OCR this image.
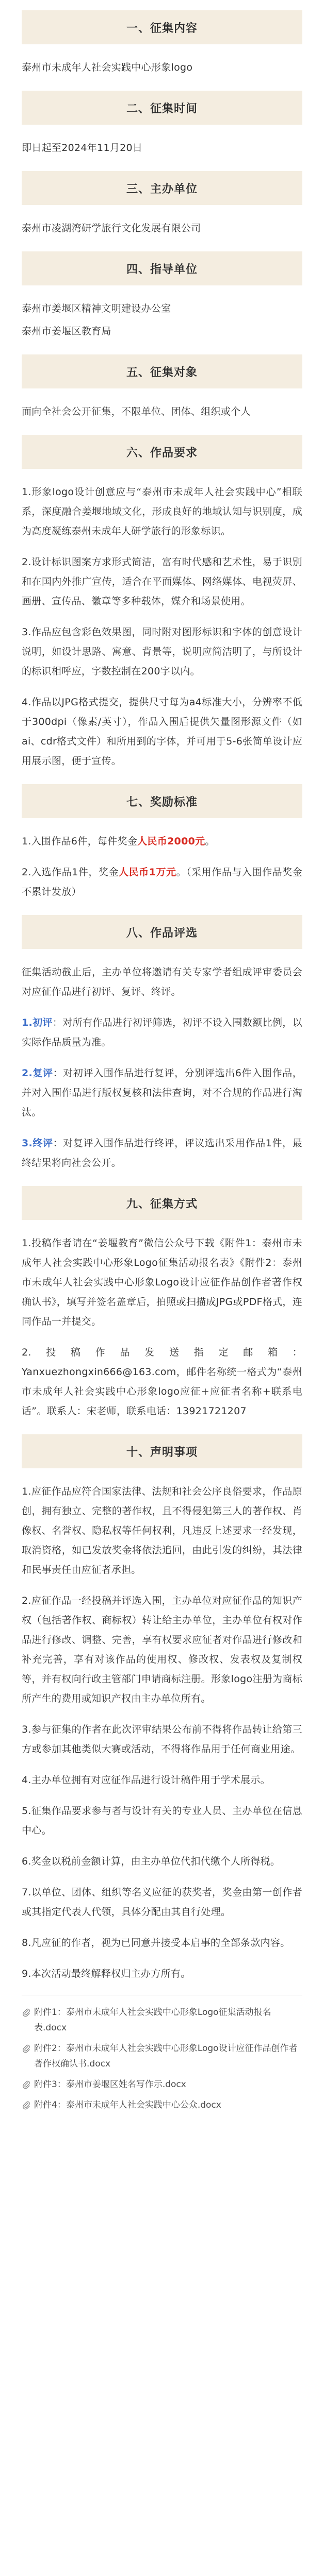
一、征集内容

泰州市未成年人社会实践中心形象logo

二、征集时间

即日起至2024年11月20日

三、主办单位

泰州市凌湖湾研学旅行文化发展有限公司

四、指导单位

泰州市姜堰区精神文明建设办公室

泰州市姜堰区教育局

五、征集对象

面向全社会公开征集，不限单位、团体、组织或个人

六、作品要求

1.形象logo设计创意应与“泰州市未成年人社会实践中心”相联系，深度融合姜堰地域文化，形成良好的地域认知与识别度，成为高度凝练泰州未成年人研学旅行的形象标识。

2.设计标识图案方求形式简洁，富有时代感和艺术性，易于识别和在国内外推广宣传，适合在平面媒体、网络媒体、电视荧屏、画册、宣传品、徽章等多种载体，媒介和场景使用。

3.作品应包含彩色效果图，同时附对图形标识和字体的创意设计说明，如设计思路、寓意、背景等，说明应简洁明了，与所设计的标识相呼应，字数控制在200字以内。

4.作品以JPG格式提交，提供尺寸每为a4标准大小，分辨率不低于300dpi（像素/英寸），作品入围后提供矢量图形源文件（如ai、cdr格式文件）和所用到的字体，并可用于5-6张简单设计应用展示图，便于宣传。

七、奖励标准

1.入围作品6件，每件奖金人民币2000元。

2.入选作品1件，奖金人民币1万元。（采用作品与入围作品奖金不累计发放）

八、作品评选

征集活动截止后，主办单位将邀请有关专家学者组成评审委员会对应征作品进行初评、复评、终评。

1.初评：对所有作品进行初评筛选，初评不设入围数额比例，以实际作品质量为准。

2.复评：对初评入围作品进行复评，分别评选出6件入围作品，并对入围作品进行版权复核和法律查询，对不合规的作品进行淘汰。

3.终评：对复评入围作品进行终评，评议选出采用作品1件，最终结果将向社会公开。

九、征集方式

1.投稿作者请在“姜堰教育”微信公众号下载《附件1：泰州市未成年人社会实践中心形象Logo征集活动报名表》《附件2：泰州市未成年人社会实践中心形象Logo设计应征作品创作者著作权确认书》，填写并签名盖章后，拍照或扫描成JPG或PDF格式，连同作品一并提交。

2.投稿作品发送指定邮箱：Yanxuezhongxin666@163.com，邮件名称统一格式为“泰州市未成年人社会实践中心形象logo应征+应征者名称+联系电话”。联系人：宋老师，联系电话：13921721207

十、声明事项

1.应征作品应符合国家法律、法规和社会公序良俗要求，作品原创，拥有独立、完整的著作权，且不得侵犯第三人的著作权、肖像权、名誉权、隐私权等任何权利，凡违反上述要求一经发现，取消资格，如已发放奖金将依法追回，由此引发的纠纷，其法律和民事责任由应征者承担。

2.应征作品一经投稿并评选入围，主办单位对应征作品的知识产权（包括著作权、商标权）转让给主办单位，主办单位有权对作品进行修改、调整、完善，享有权要求应征者对作品进行修改和补充完善，享有对该作品的使用权、修改权、发表权及复制权等，并有权向行政主管部门申请商标注册。形象logo注册为商标所产生的费用或知识产权由主办单位所有。

3.参与征集的作者在此次评审结果公布前不得将作品转让给第三方或参加其他类似大赛或活动，不得将作品用于任何商业用途。

4.主办单位拥有对应征作品进行设计稿件用于学术展示。

5.征集作品要求参与者与设计有关的专业人员、主办单位在信息中心。

6.奖金以税前金额计算，由主办单位代扣代缴个人所得税。

7.以单位、团体、组织等名义应征的获奖者，奖金由第一创作者或其指定代表人代领，具体分配由其自行处理。

8.凡应征的作者，视为已同意并接受本启事的全部条款内容。

9.本次活动最终解释权归主办方所有。

附件1：泰州市未成年人社会实践中心形象Logo征集活动报名表.docx
附件2：泰州市未成年人社会实践中心形象Logo设计应征作品创作者著作权确认书.docx
附件3：泰州市姜堰区姓名写作示.docx
附件4：泰州市未成年人社会实践中心公众.docx
